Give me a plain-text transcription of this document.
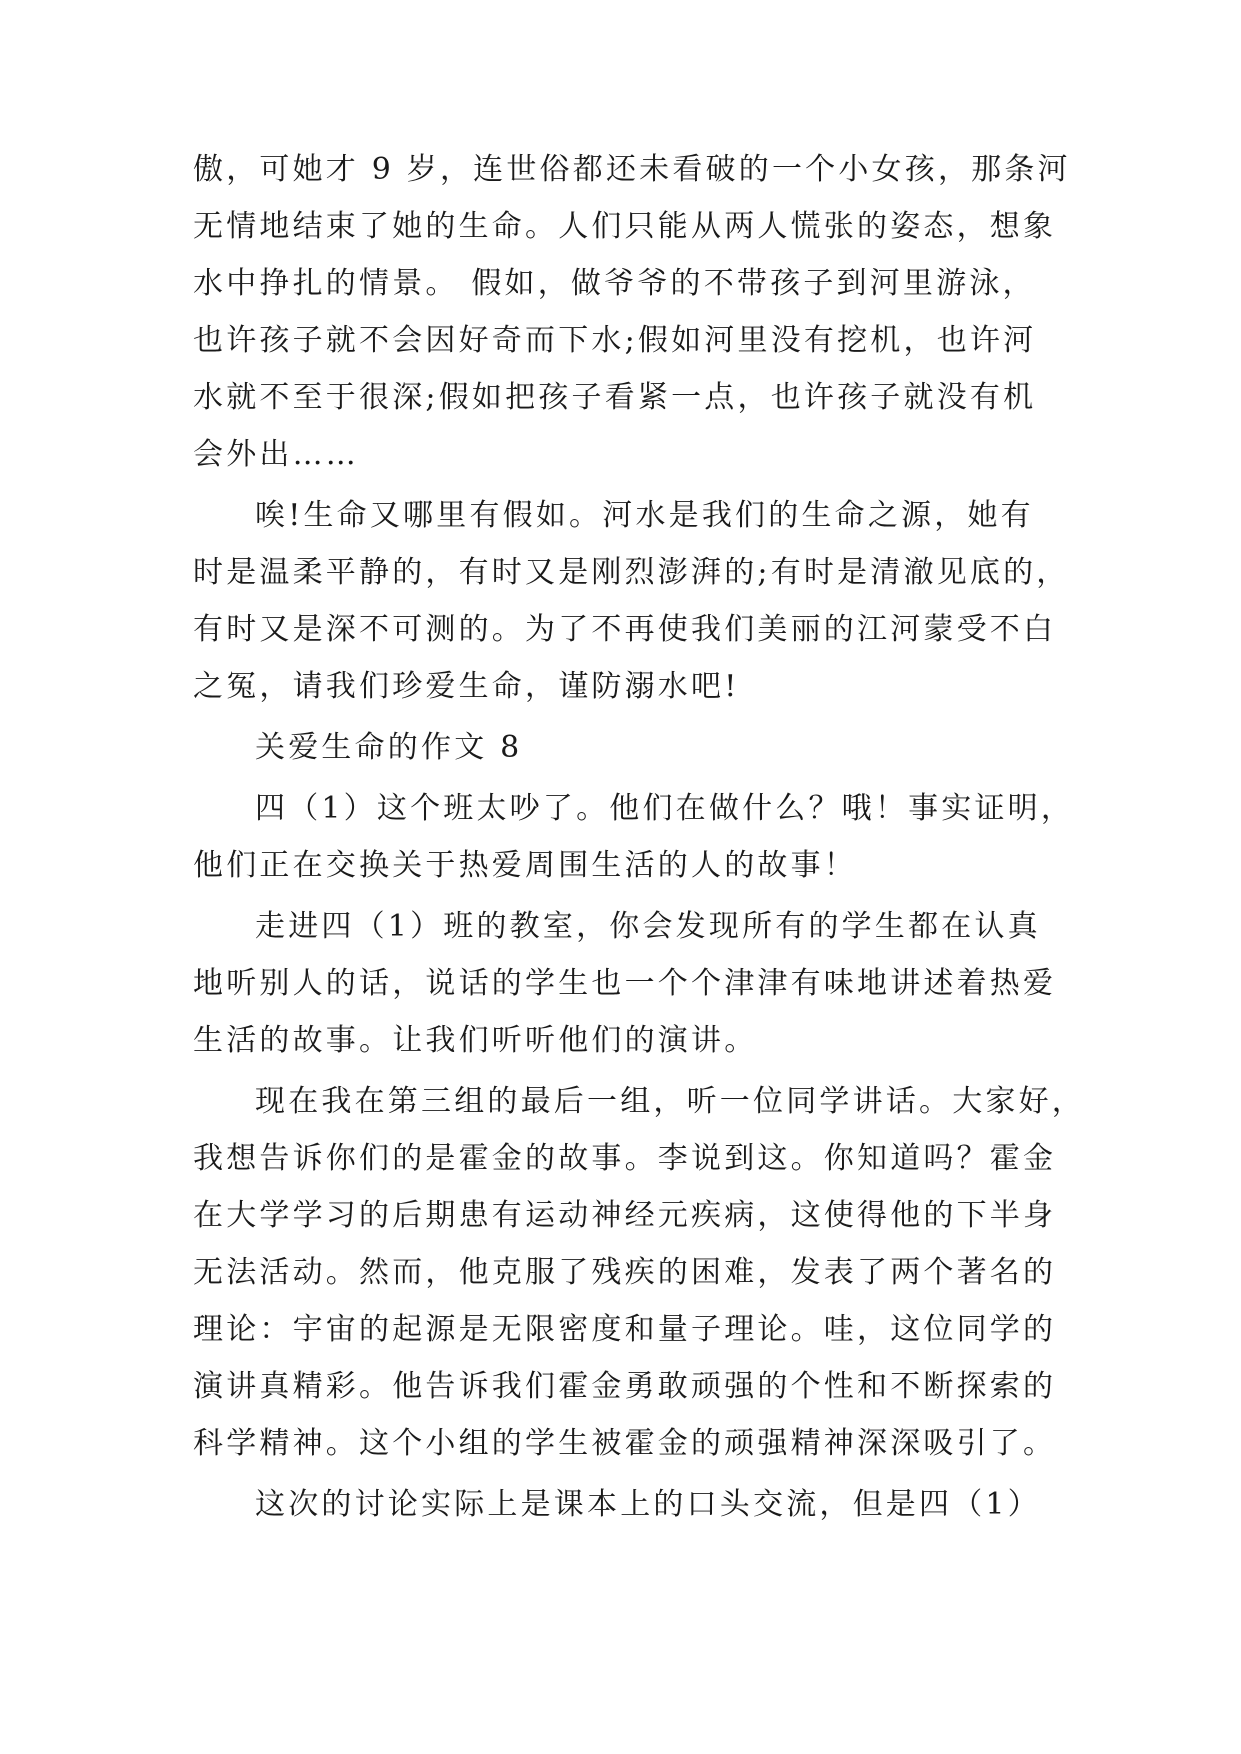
傲，可她才 9 岁，连世俗都还未看破的一个小女孩，那条河
无情地结束了她的生命。人们只能从两人慌张的姿态，想象
水中挣扎的情景。 假如，做爷爷的不带孩子到河里游泳，
也许孩子就不会因好奇而下水;假如河里没有挖机，也许河
水就不至于很深;假如把孩子看紧一点，也许孩子就没有机
会外出……
唉!生命又哪里有假如。河水是我们的生命之源，她有
时是温柔平静的，有时又是刚烈澎湃的;有时是清澈见底的，
有时又是深不可测的。为了不再使我们美丽的江河蒙受不白
之冤，请我们珍爱生命，谨防溺水吧!
关爱生命的作文 8
四（1）这个班太吵了。他们在做什么？哦！事实证明，
他们正在交换关于热爱周围生活的人的故事！
走进四（1）班的教室，你会发现所有的学生都在认真
地听别人的话，说话的学生也一个个津津有味地讲述着热爱
生活的故事。让我们听听他们的演讲。
现在我在第三组的最后一组，听一位同学讲话。大家好，
我想告诉你们的是霍金的故事。李说到这。你知道吗？霍金
在大学学习的后期患有运动神经元疾病，这使得他的下半身
无法活动。然而，他克服了残疾的困难，发表了两个著名的
理论：宇宙的起源是无限密度和量子理论。哇，这位同学的
演讲真精彩。他告诉我们霍金勇敢顽强的个性和不断探索的
科学精神。这个小组的学生被霍金的顽强精神深深吸引了。
这次的讨论实际上是课本上的口头交流，但是四（1）
